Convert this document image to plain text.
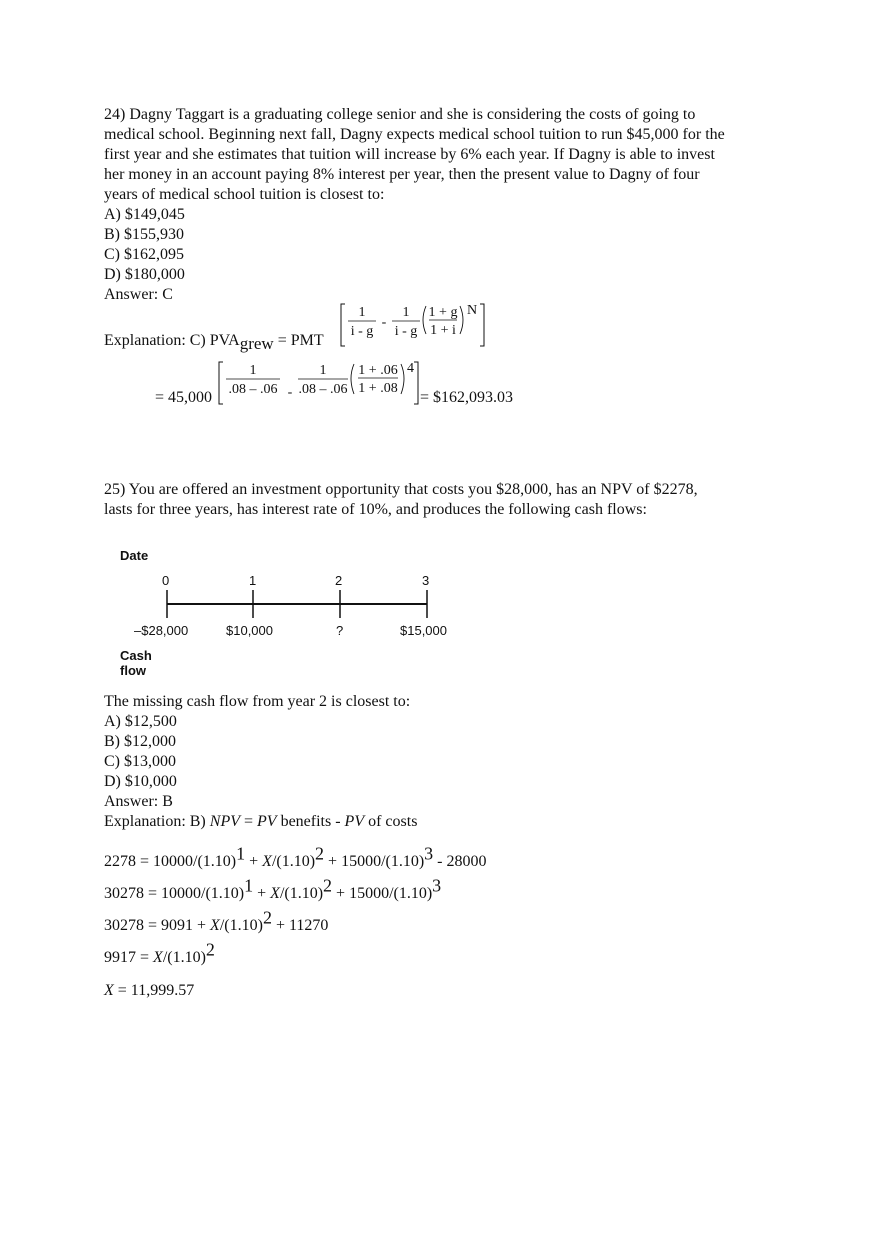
24) Dagny Taggart is a graduating college senior and she is considering the costs of going to
medical school. Beginning next fall, Dagny expects medical school tuition to run $45,000 for the
first year and she estimates that tuition will increase by 6% each year. If Dagny is able to invest
her money in an account paying 8% interest per year, then the present value to Dagny of four
years of medical school tuition is closest to:
A) $149,045
B) $155,930
C) $162,095
D) $180,000
Answer: C
Explanation: C) PVAgrew = PMT
1
i - g
-
1
i - g
1 + g
1 + i
N
= 45,000
1
.08 – .06 -
1
.08 – .06
1 + .06
1 + .08
4
= $162,093.03
25) You are offered an investment opportunity that costs you $28,000, has an NPV of $2278,
lasts for three years, has interest rate of 10%, and produces the following cash flows:
Date
0	1	2	3
–$28,000	$10,000	?	$15,000
Cash
flow
The missing cash flow from year 2 is closest to:
A) $12,500
B) $12,000
C) $13,000
D) $10,000
Answer: B
Explanation: B) NPV = PV benefits - PV of costs
2278 = 10000/(1.10)1 + X/(1.10)2 + 15000/(1.10)3 - 28000
30278 = 10000/(1.10)1 + X/(1.10)2 + 15000/(1.10)3
30278 = 9091 + X/(1.10)2 + 11270
9917 = X/(1.10)2
X = 11,999.57
